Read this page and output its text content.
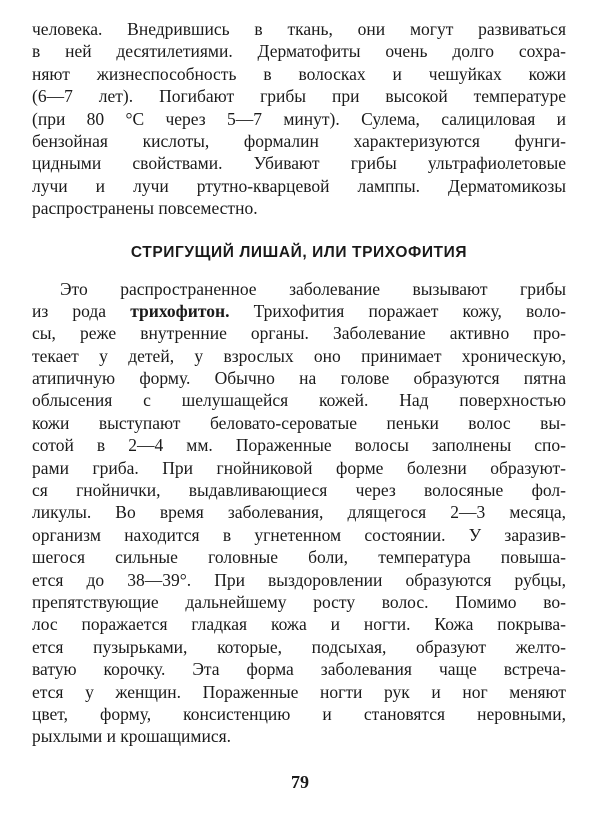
человека. Внедрившись в ткань, они могут развиваться
в ней десятилетиями. Дерматофиты очень долго сохра-
няют жизнеспособность в волосках и чешуйках кожи
(6—7 лет). Погибают грибы при высокой температуре
(при 80 °С через 5—7 минут). Сулема, салициловая и
бензойная кислоты, формалин характеризуются фунги-
цидными свойствами. Убивают грибы ультрафиолетовые
лучи и лучи ртутно-кварцевой ламппы. Дерматомикозы
распространены повсеместно.
СТРИГУЩИЙ ЛИШАЙ, ИЛИ ТРИХОФИТИЯ
Это распространенное заболевание вызывают грибы
из рода трихофитон. Трихофития поражает кожу, воло-
сы, реже внутренние органы. Заболевание активно про-
текает у детей, у взрослых оно принимает хроническую,
атипичную форму. Обычно на голове образуются пятна
облысения с шелушащейся кожей. Над поверхностью
кожи выступают беловато-сероватые пеньки волос вы-
сотой в 2—4 мм. Пораженные волосы заполнены спо-
рами гриба. При гнойниковой форме болезни образуют-
ся гнойнички, выдавливающиеся через волосяные фол-
ликулы. Во время заболевания, длящегося 2—3 месяца,
организм находится в угнетенном состоянии. У заразив-
шегося сильные головные боли, температура повыша-
ется до 38—39°. При выздоровлении образуются рубцы,
препятствующие дальнейшему росту волос. Помимо во-
лос поражается гладкая кожа и ногти. Кожа покрыва-
ется пузырьками, которые, подсыхая, образуют желто-
ватую корочку. Эта форма заболевания чаще встреча-
ется у женщин. Пораженные ногти рук и ног меняют
цвет, форму, консистенцию и становятся неровными,
рыхлыми и крошащимися.
79
